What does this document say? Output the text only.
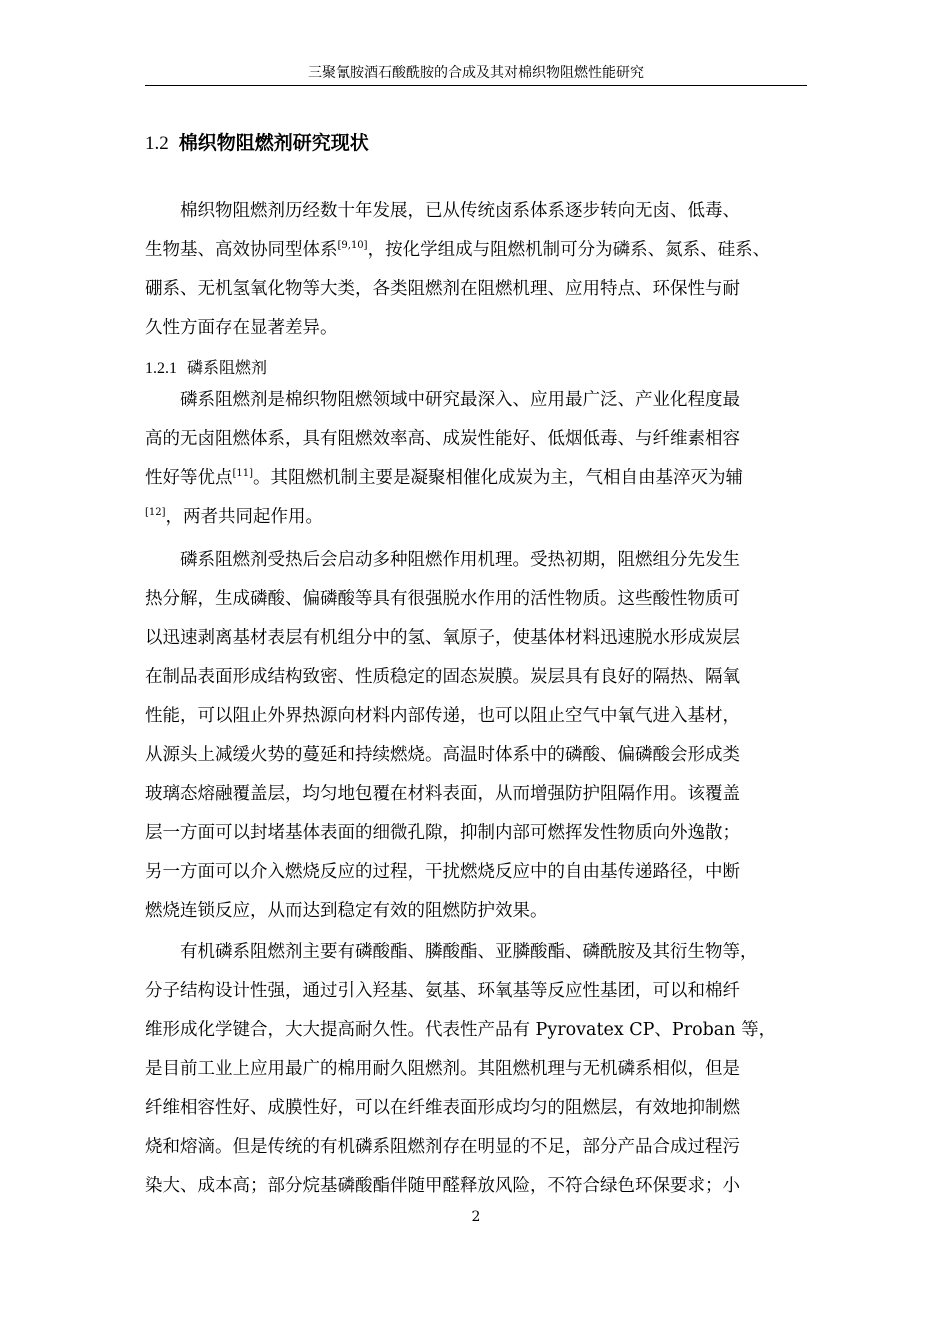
三聚氰胺酒石酸酰胺的合成及其对棉织物阻燃性能研究
1.2 棉织物阻燃剂研究现状
棉织物阻燃剂历经数十年发展，已从传统卤系体系逐步转向无卤、低毒、
生物基、高效协同型体系[9,10]，按化学组成与阻燃机制可分为磷系、氮系、硅系、
硼系、无机氢氧化物等大类，各类阻燃剂在阻燃机理、应用特点、环保性与耐
久性方面存在显著差异。
1.2.1 磷系阻燃剂
磷系阻燃剂是棉织物阻燃领域中研究最深入、应用最广泛、产业化程度最
高的无卤阻燃体系，具有阻燃效率高、成炭性能好、低烟低毒、与纤维素相容
性好等优点[11]。其阻燃机制主要是凝聚相催化成炭为主，气相自由基淬灭为辅
[12]，两者共同起作用。
磷系阻燃剂受热后会启动多种阻燃作用机理。受热初期，阻燃组分先发生
热分解，生成磷酸、偏磷酸等具有很强脱水作用的活性物质。这些酸性物质可
以迅速剥离基材表层有机组分中的氢、氧原子，使基体材料迅速脱水形成炭层
在制品表面形成结构致密、性质稳定的固态炭膜。炭层具有良好的隔热、隔氧
性能，可以阻止外界热源向材料内部传递，也可以阻止空气中氧气进入基材，
从源头上减缓火势的蔓延和持续燃烧。高温时体系中的磷酸、偏磷酸会形成类
玻璃态熔融覆盖层，均匀地包覆在材料表面，从而增强防护阻隔作用。该覆盖
层一方面可以封堵基体表面的细微孔隙，抑制内部可燃挥发性物质向外逸散；
另一方面可以介入燃烧反应的过程，干扰燃烧反应中的自由基传递路径，中断
燃烧连锁反应，从而达到稳定有效的阻燃防护效果。
有机磷系阻燃剂主要有磷酸酯、膦酸酯、亚膦酸酯、磷酰胺及其衍生物等，
分子结构设计性强，通过引入羟基、氨基、环氧基等反应性基团，可以和棉纤
维形成化学键合，大大提高耐久性。代表性产品有 Pyrovatex CP、Proban 等，
是目前工业上应用最广的棉用耐久阻燃剂。其阻燃机理与无机磷系相似，但是
纤维相容性好、成膜性好，可以在纤维表面形成均匀的阻燃层，有效地抑制燃
烧和熔滴。但是传统的有机磷系阻燃剂存在明显的不足，部分产品合成过程污
染大、成本高；部分烷基磷酸酯伴随甲醛释放风险，不符合绿色环保要求；小
2
